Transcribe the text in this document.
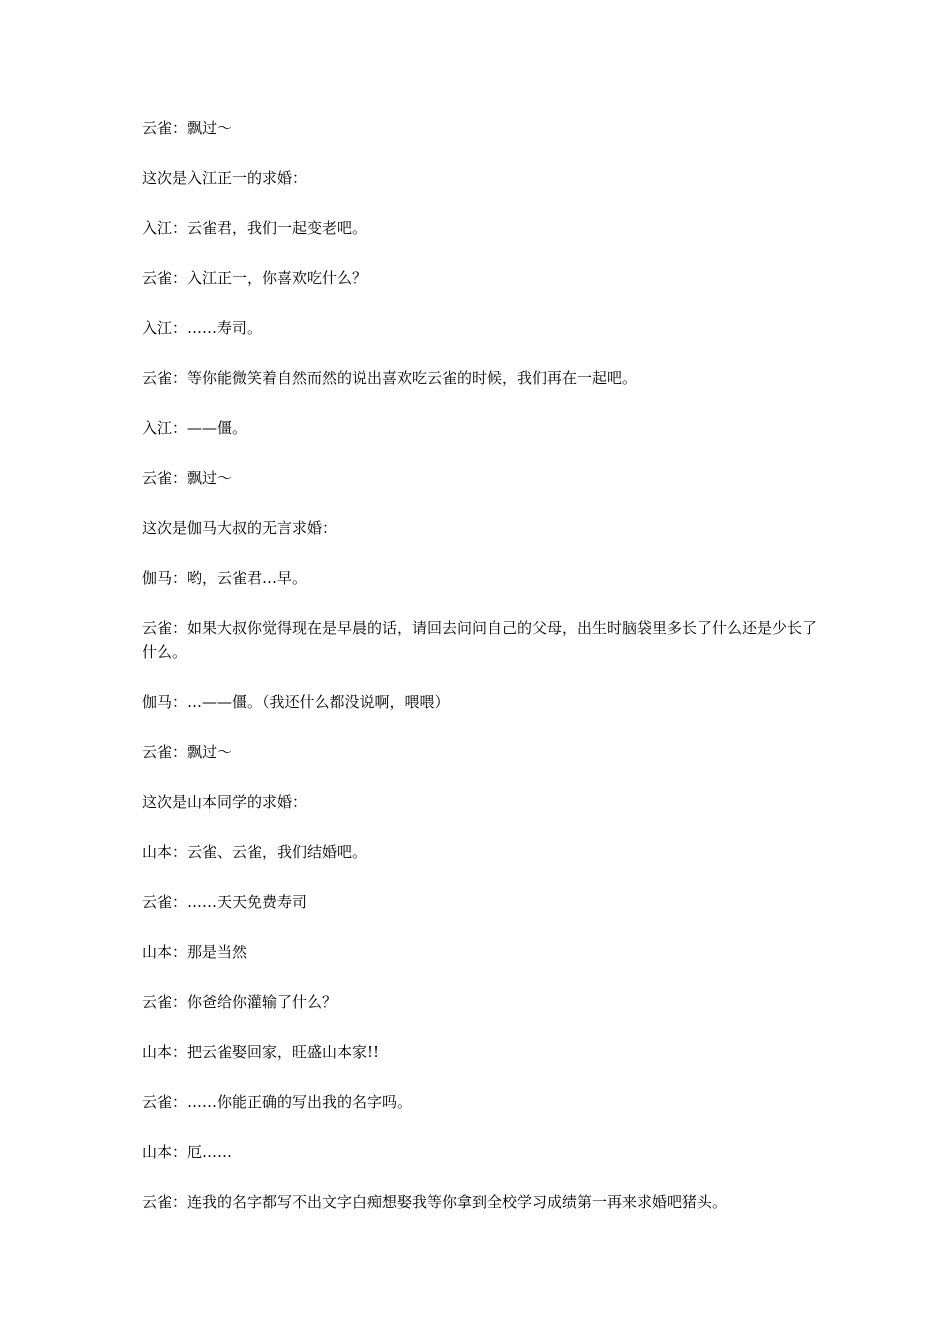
云雀：飘过～

这次是入江正一的求婚：

入江：云雀君，我们一起变老吧。

云雀：入江正一，你喜欢吃什么？

入江：……寿司。

云雀：等你能微笑着自然而然的说出喜欢吃云雀的时候，我们再在一起吧。

入江：——僵。

云雀：飘过～

这次是伽马大叔的无言求婚：

伽马：哟，云雀君…早。

云雀：如果大叔你觉得现在是早晨的话，请回去问问自己的父母，出生时脑袋里多长了什么还是少长了什么。

伽马：…——僵。（我还什么都没说啊，喂喂）

云雀：飘过～

这次是山本同学的求婚：

山本：云雀、云雀，我们结婚吧。

云雀：……天天免费寿司

山本：那是当然

云雀：你爸给你灌输了什么？

山本：把云雀娶回家，旺盛山本家!!

云雀：……你能正确的写出我的名字吗。

山本：厄……

云雀：连我的名字都写不出文字白痴想娶我等你拿到全校学习成绩第一再来求婚吧猪头。
